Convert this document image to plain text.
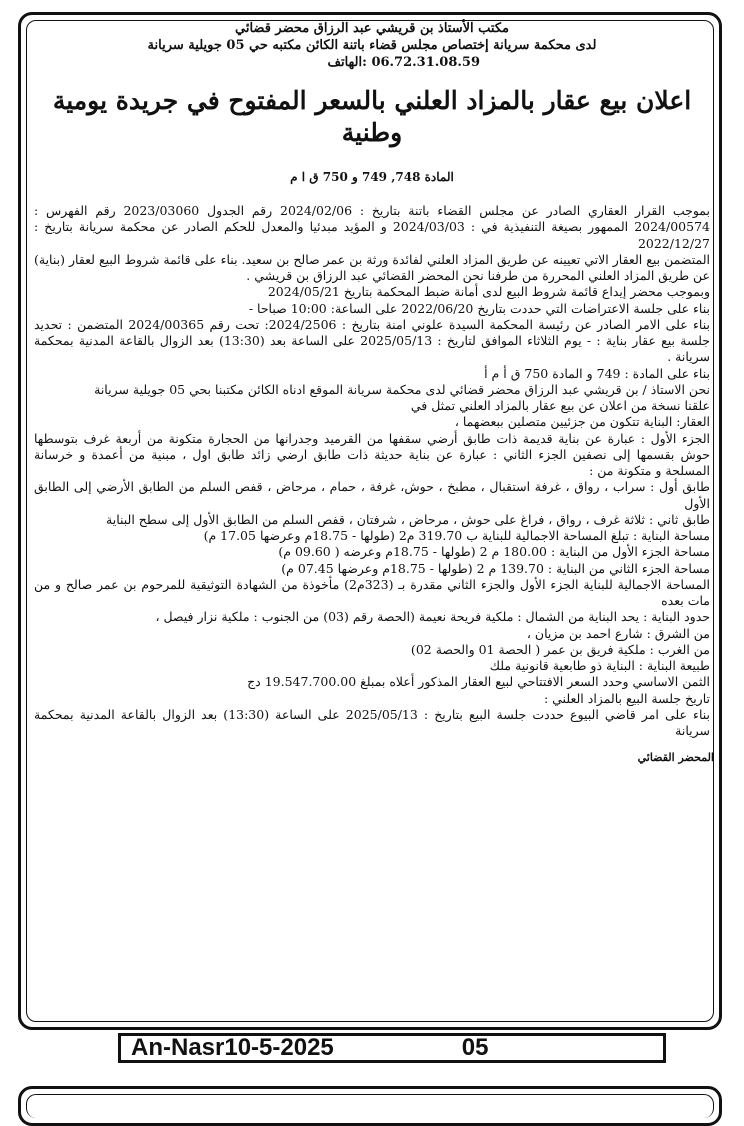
مكتب الأستاذ بن قريشي عبد الرزاق محضر قضائي
لدى محكمة سريانة إختصاص مجلس قضاء باتنة الكائن مكتبه حي 05 جويلية سريانة
06.72.31.08.59 :الهاتف
اعلان بيع عقار بالمزاد العلني بالسعر المفتوح في جريدة يومية وطنية
المادة 748, 749 و 750 ق ا م

بموجب القرار العقاري الصادر عن مجلس القضاء باتنة بتاريخ : 2024/02/06 رقم الجدول 2023/03060 رقم الفهرس : 2024/00574 الممهور بصيغة التنفيذية في : 2024/03/03 و المؤيد مبدئيا والمعدل للحكم الصادر عن محكمة سريانة بتاريخ : 2022/12/27

المتضمن بيع العقار الاتي تعيينه عن طريق المزاد العلني لفائدة ورثة بن عمر صالح بن سعيد. بناء على قائمة شروط البيع لعقار (بناية) عن طريق المزاد العلني المحررة من طرفنا نحن المحضر القضائي عبد الرزاق بن قريشي .

وبموجب محضر إيداع قائمة شروط البيع لدى أمانة ضبط المحكمة بتاريخ 2024/05/21

بناء على جلسة الاعتراضات التي حددت بتاريخ 2022/06/20 على الساعة: 10:00 صباحا -

بناء على الامر الصادر عن رئيسة المحكمة السيدة علوني امنة بتاريخ : 2024/2506: تحت رقم 2024/00365 المتضمن : تحديد جلسة بيع عقار بناية : - يوم الثلاثاء الموافق لتاريخ : 2025/05/13 على الساعة بعد (13:30) بعد الزوال بالقاعة المدنية بمحكمة سريانة .

بناء على المادة : 749 و المادة 750 ق أ م أ

نحن الاستاذ / بن قريشي عبد الرزاق محضر قضائي لدى محكمة سريانة الموقع ادناه الكائن مكتبنا بحي 05 جويلية سريانة

علقنا نسخة من اعلان عن بيع عقار بالمزاد العلني تمثل في

العقار: البناية تتكون من جزئيين متصلين ببعضهما ،

الجزء الأول : عبارة عن بناية قديمة ذات طابق أرضي سقفها من القرميد وجدرانها من الحجارة متكونة من أربعة غرف بتوسطها حوش بقسمها إلى نصفين الجزء الثاني : عبارة عن بناية حديثة ذات طابق ارضي زائد طابق اول ، مبنية من أعمدة و خرسانة المسلحة و متكونة من :

طابق أول : سراب ، رواق ، غرفة استقبال ، مطبخ ، حوش، غرفة ، حمام ، مرحاض ، قفص السلم من الطابق الأرضي إلى الطابق الأول

طابق ثاني : ثلاثة غرف ، رواق ، فراغ على حوش ، مرحاض ، شرفتان ، قفص السلم من الطابق الأول إلى سطح البناية

مساحة البناية : تبلغ المساحة الاجمالية للبناية ب 319.70 م2 (طولها - 18.75م وعرضها 17.05 م)

مساحة الجزء الأول من البناية : 180.00 م 2 (طولها - 18.75م وعرضه ( 09.60 م)

مساحة الجزء الثاني من البناية : 139.70 م 2 (طولها - 18.75م وعرضها 07.45 م)

المساحة الاجمالية للبناية الجزء الأول والجزء الثاني مقدرة بـ (323م2) مأخوذة من الشهادة التوثيقية للمرحوم بن عمر صالح و من مات بعده

حدود البناية : يحد البناية من الشمال : ملكية فريحة نعيمة (الحصة رقم (03) من الجنوب : ملكية نزار فيصل ،

من الشرق : شارع احمد بن مزيان ،

من الغرب : ملكية فريق بن عمر ( الحصة 01 والحصة 02)

طبيعة البناية : البناية ذو طابعية قانونية ملك

الثمن الاساسي وحدد السعر الافتتاحي لبيع العقار المذكور أعلاه بمبلغ 19.547.700.00 دج

تاريخ جلسة البيع بالمزاد العلني :

بناء على امر قاضي البيوع حددت جلسة البيع بتاريخ : 2025/05/13 على الساعة (13:30) بعد الزوال بالقاعة المدنية بمحكمة سريانة

المحضر القضائي
An-Nasr10-5-2025	05
